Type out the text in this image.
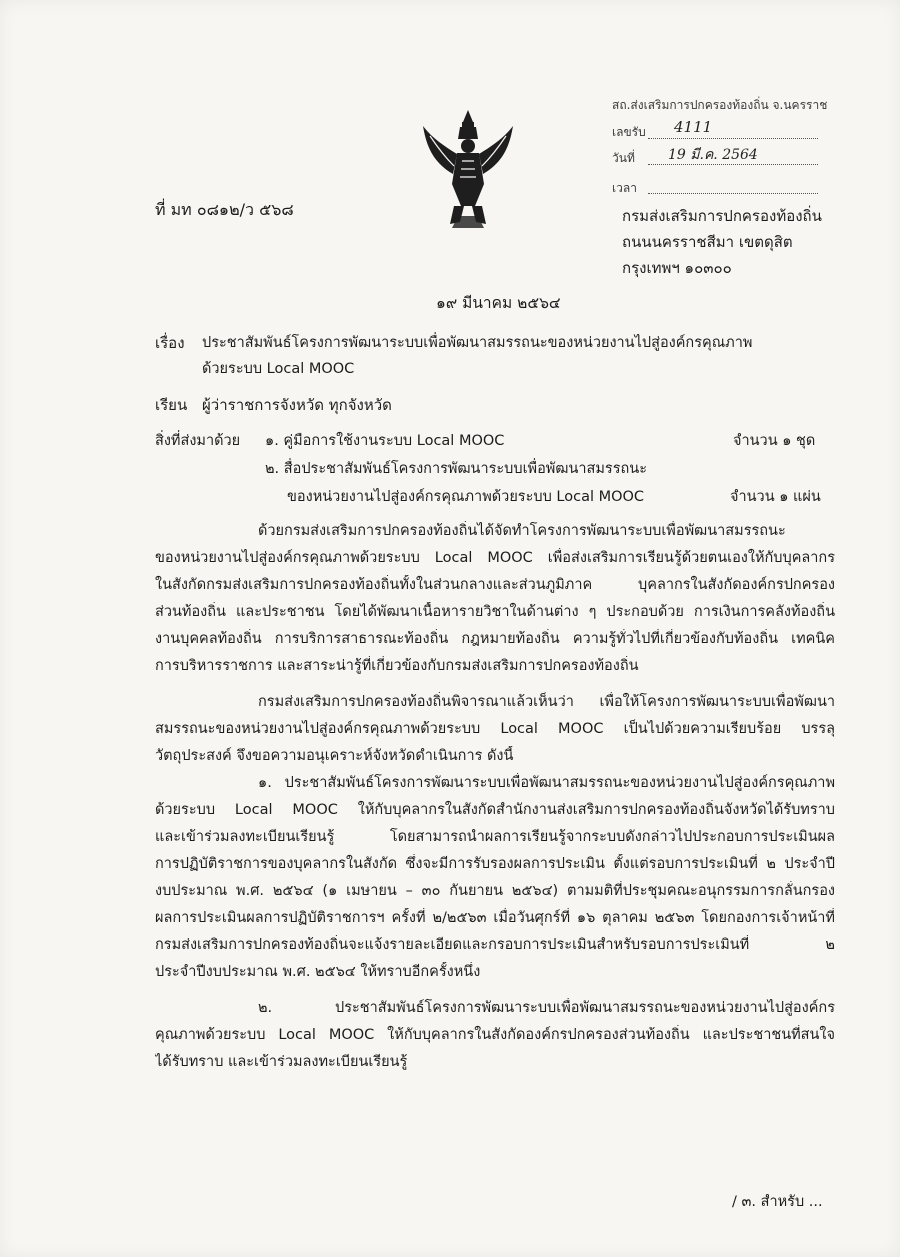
สถ.ส่งเสริมการปกครองท้องถิ่น จ.นครราช
เลขรับ 4111
วันที่ 19 มี.ค. 2564
เวลา
ที่ มท ๐๘๑๒/ว ๕๖๘	กรมส่งเสริมการปกครองท้องถิ่น
ถนนนครราชสีมา เขตดุสิต
กรุงเทพฯ ๑๐๓๐๐
๑๙ มีนาคม ๒๕๖๔
เรื่อง ประชาสัมพันธ์โครงการพัฒนาระบบเพื่อพัฒนาสมรรถนะของหน่วยงานไปสู่องค์กรคุณภาพ
ด้วยระบบ Local MOOC
เรียน ผู้ว่าราชการจังหวัด ทุกจังหวัด
สิ่งที่ส่งมาด้วย ๑. คู่มือการใช้งานระบบ Local MOOC	จำนวน ๑ ชุด
๒. สื่อประชาสัมพันธ์โครงการพัฒนาระบบเพื่อพัฒนาสมรรถนะ
ของหน่วยงานไปสู่องค์กรคุณภาพด้วยระบบ Local MOOC	จำนวน ๑ แผ่น
ด้วยกรมส่งเสริมการปกครองท้องถิ่นได้จัดทำโครงการพัฒนาระบบเพื่อพัฒนาสมรรถนะ
ของหน่วยงานไปสู่องค์กรคุณภาพด้วยระบบ Local MOOC เพื่อส่งเสริมการเรียนรู้ด้วยตนเองให้กับบุคลากร
ในสังกัดกรมส่งเสริมการปกครองท้องถิ่นทั้งในส่วนกลางและส่วนภูมิภาค บุคลากรในสังกัดองค์กรปกครอง
ส่วนท้องถิ่น และประชาชน โดยได้พัฒนาเนื้อหารายวิชาในด้านต่าง ๆ ประกอบด้วย การเงินการคลังท้องถิ่น
งานบุคคลท้องถิ่น การบริการสาธารณะท้องถิ่น กฎหมายท้องถิ่น ความรู้ทั่วไปที่เกี่ยวข้องกับท้องถิ่น เทคนิค
การบริหารราชการ และสาระน่ารู้ที่เกี่ยวข้องกับกรมส่งเสริมการปกครองท้องถิ่น
กรมส่งเสริมการปกครองท้องถิ่นพิจารณาแล้วเห็นว่า เพื่อให้โครงการพัฒนาระบบเพื่อพัฒนา
สมรรถนะของหน่วยงานไปสู่องค์กรคุณภาพด้วยระบบ Local MOOC เป็นไปด้วยความเรียบร้อย บรรลุ
วัตถุประสงค์ จึงขอความอนุเคราะห์จังหวัดดำเนินการ ดังนี้
๑. ประชาสัมพันธ์โครงการพัฒนาระบบเพื่อพัฒนาสมรรถนะของหน่วยงานไปสู่องค์กรคุณภาพ
ด้วยระบบ Local MOOC ให้กับบุคลากรในสังกัดสำนักงานส่งเสริมการปกครองท้องถิ่นจังหวัดได้รับทราบ
และเข้าร่วมลงทะเบียนเรียนรู้ โดยสามารถนำผลการเรียนรู้จากระบบดังกล่าวไปประกอบการประเมินผล
การปฏิบัติราชการของบุคลากรในสังกัด ซึ่งจะมีการรับรองผลการประเมิน ตั้งแต่รอบการประเมินที่ ๒ ประจำปี
งบประมาณ พ.ศ. ๒๕๖๔ (๑ เมษายน – ๓๐ กันยายน ๒๕๖๔) ตามมติที่ประชุมคณะอนุกรรมการกลั่นกรอง
ผลการประเมินผลการปฏิบัติราชการฯ ครั้งที่ ๒/๒๕๖๓ เมื่อวันศุกร์ที่ ๑๖ ตุลาคม ๒๕๖๓ โดยกองการเจ้าหน้าที่
กรมส่งเสริมการปกครองท้องถิ่นจะแจ้งรายละเอียดและกรอบการประเมินสำหรับรอบการประเมินที่ ๒
ประจำปีงบประมาณ พ.ศ. ๒๕๖๔ ให้ทราบอีกครั้งหนึ่ง
๒. ประชาสัมพันธ์โครงการพัฒนาระบบเพื่อพัฒนาสมรรถนะของหน่วยงานไปสู่องค์กร
คุณภาพด้วยระบบ Local MOOC ให้กับบุคลากรในสังกัดองค์กรปกครองส่วนท้องถิ่น และประชาชนที่สนใจ
ได้รับทราบ และเข้าร่วมลงทะเบียนเรียนรู้
/ ๓. สำหรับ ...
